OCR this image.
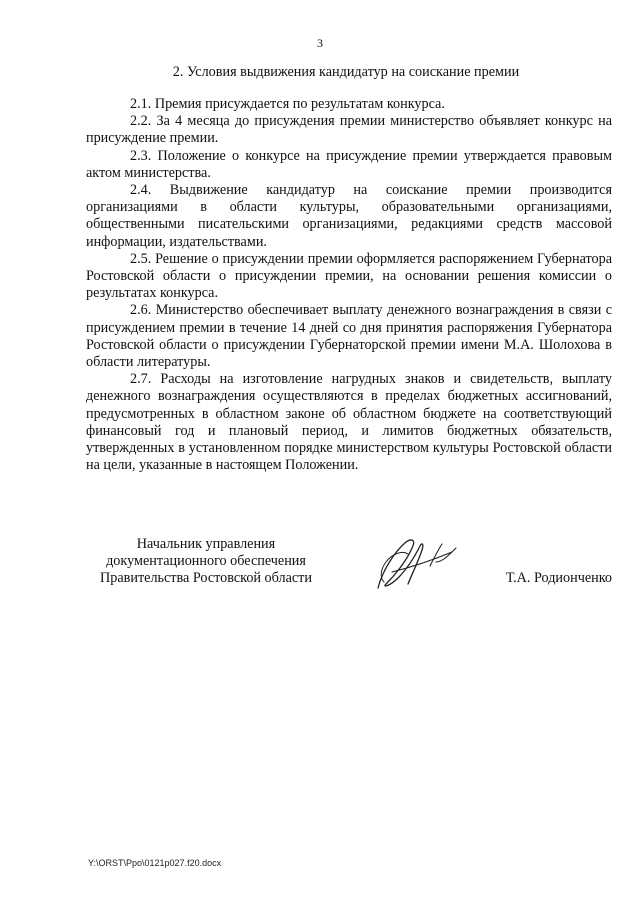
3
2. Условия выдвижения кандидатур на соискание премии

2.1. Премия присуждается по результатам конкурса.

2.2. За 4 месяца до присуждения премии министерство объявляет конкурс на присуждение премии.

2.3. Положение о конкурсе на присуждение премии утверждается правовым актом министерства.

2.4. Выдвижение кандидатур на соискание премии производится организациями в области культуры, образовательными организациями, общественными писательскими организациями, редакциями средств массовой информации, издательствами.

2.5. Решение о присуждении премии оформляется распоряжением Губернатора Ростовской области о присуждении премии, на основании решения комиссии о результатах конкурса.

2.6. Министерство обеспечивает выплату денежного вознаграждения в связи с присуждением премии в течение 14 дней со дня принятия распоряжения Губернатора Ростовской области о присуждении Губернаторской премии имени М.А. Шолохова в области литературы.

2.7. Расходы на изготовление нагрудных знаков и свидетельств, выплату денежного вознаграждения осуществляются в пределах бюджетных ассигнований, предусмотренных в областном законе об областном бюджете на соответствующий финансовый год и плановый период, и лимитов бюджетных обязательств, утвержденных в установленном порядке министерством культуры Ростовской области на цели, указанные в настоящем Положении.

Начальник управления
документационного обеспечения
Правительства Ростовской области	Т.А. Родионченко
Y:\ORST\Ppo\0121p027.f20.docx
